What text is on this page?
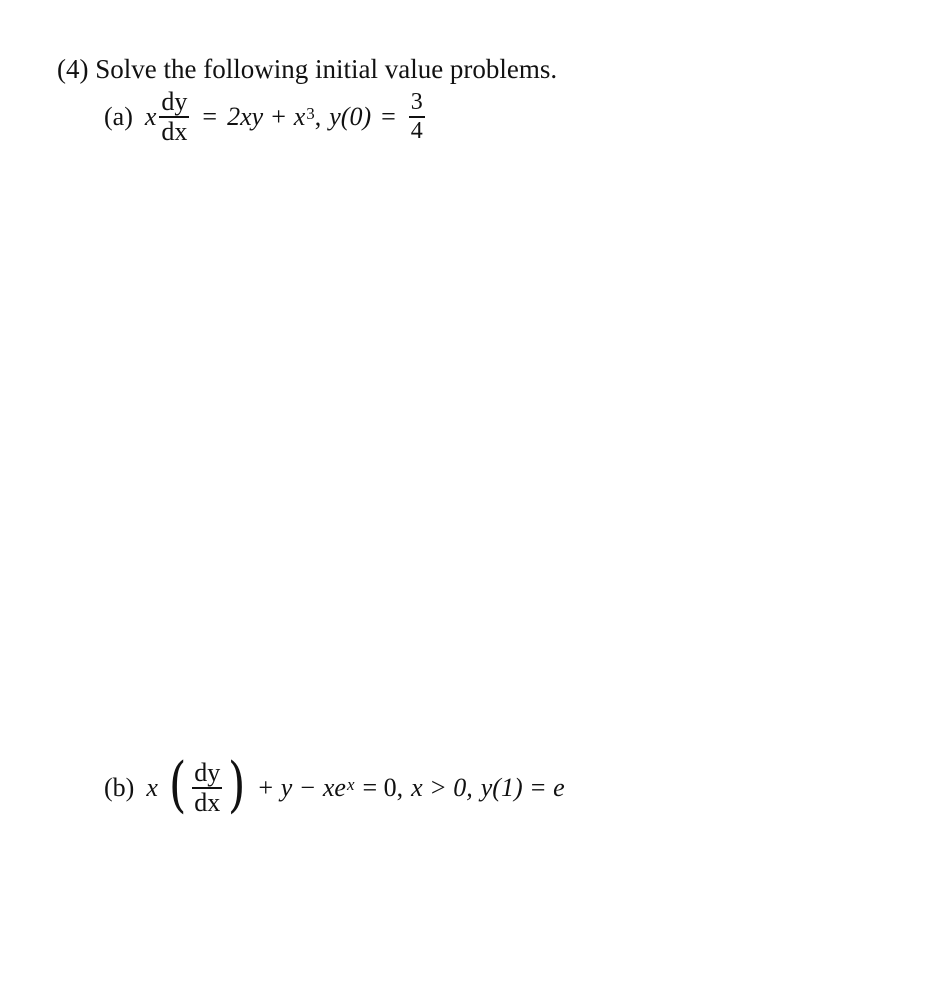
(4) Solve the following initial value problems.
(a) x $\frac{dy}{dx} = 2xy + x^3$ , $y(0) = \frac{3}{4}$
(b) x ( $\frac{dy}{dx}$ ) + $y - xe^x = 0$, x > 0, y(1) = e
